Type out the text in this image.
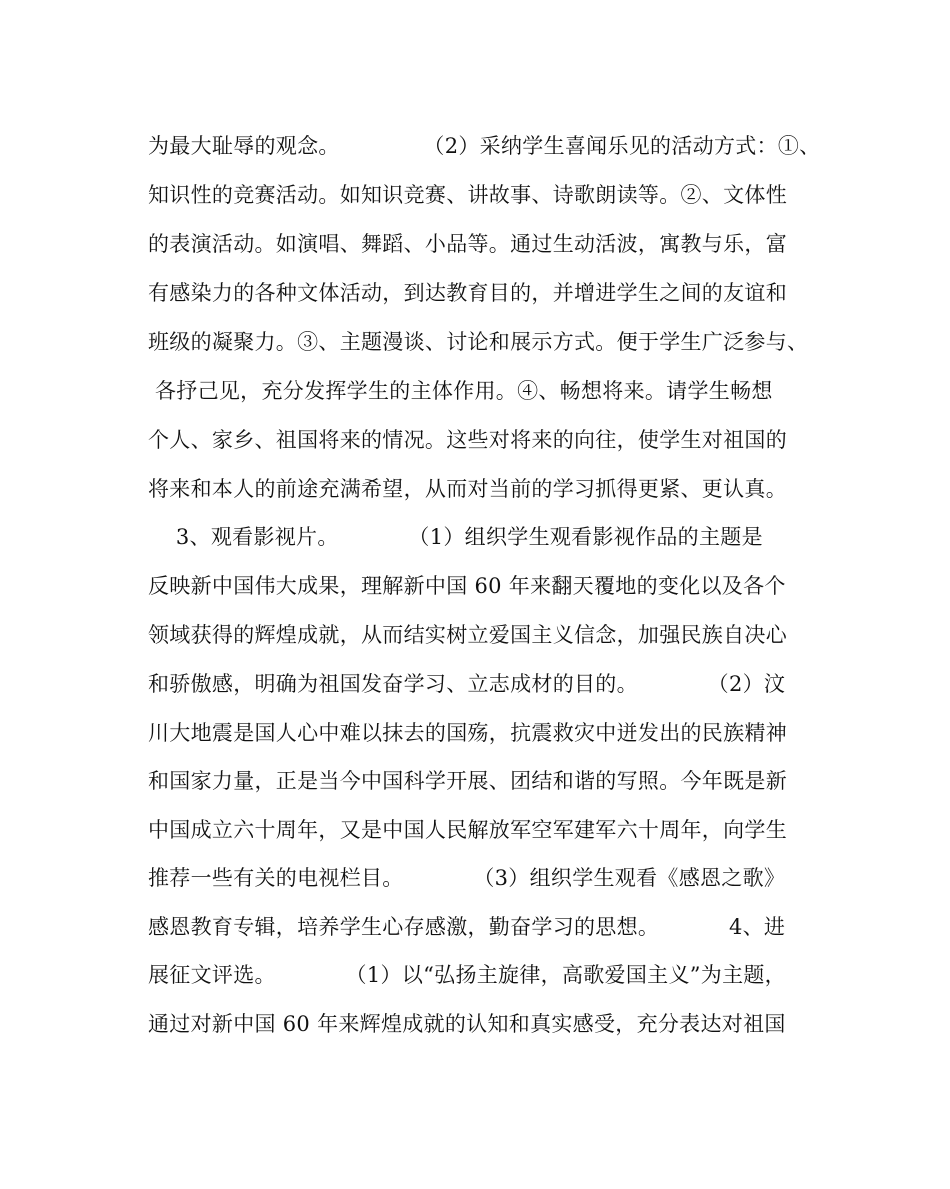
为最大耻辱的观念。            （2）采纳学生喜闻乐见的活动方式：①、
知识性的竞赛活动。如知识竞赛、讲故事、诗歌朗读等。②、文体性
的表演活动。如演唱、舞蹈、小品等。通过生动活波，寓教与乐，富
有感染力的各种文体活动，到达教育目的，并增进学生之间的友谊和
班级的凝聚力。③、主题漫谈、讨论和展示方式。便于学生广泛参与、
各抒己见，充分发挥学生的主体作用。④、畅想将来。请学生畅想
个人、家乡、祖国将来的情况。这些对将来的向往，使学生对祖国的
将来和本人的前途充满希望，从而对当前的学习抓得更紧、更认真。
3、观看影视片。          （1）组织学生观看影视作品的主题是
反映新中国伟大成果，理解新中国 60 年来翻天覆地的变化以及各个
领域获得的辉煌成就，从而结实树立爱国主义信念，加强民族自决心
和骄傲感，明确为祖国发奋学习、立志成材的目的。          （2）汶
川大地震是国人心中难以抹去的国殇，抗震救灾中迸发出的民族精神
和国家力量，正是当今中国科学开展、团结和谐的写照。今年既是新
中国成立六十周年，又是中国人民解放军空军建军六十周年，向学生
推荐一些有关的电视栏目。          （3）组织学生观看《感恩之歌》
感恩教育专辑，培养学生心存感激，勤奋学习的思想。          4、进
展征文评选。          （1）以“弘扬主旋律，高歌爱国主义”为主题，
通过对新中国 60 年来辉煌成就的认知和真实感受，充分表达对祖国
